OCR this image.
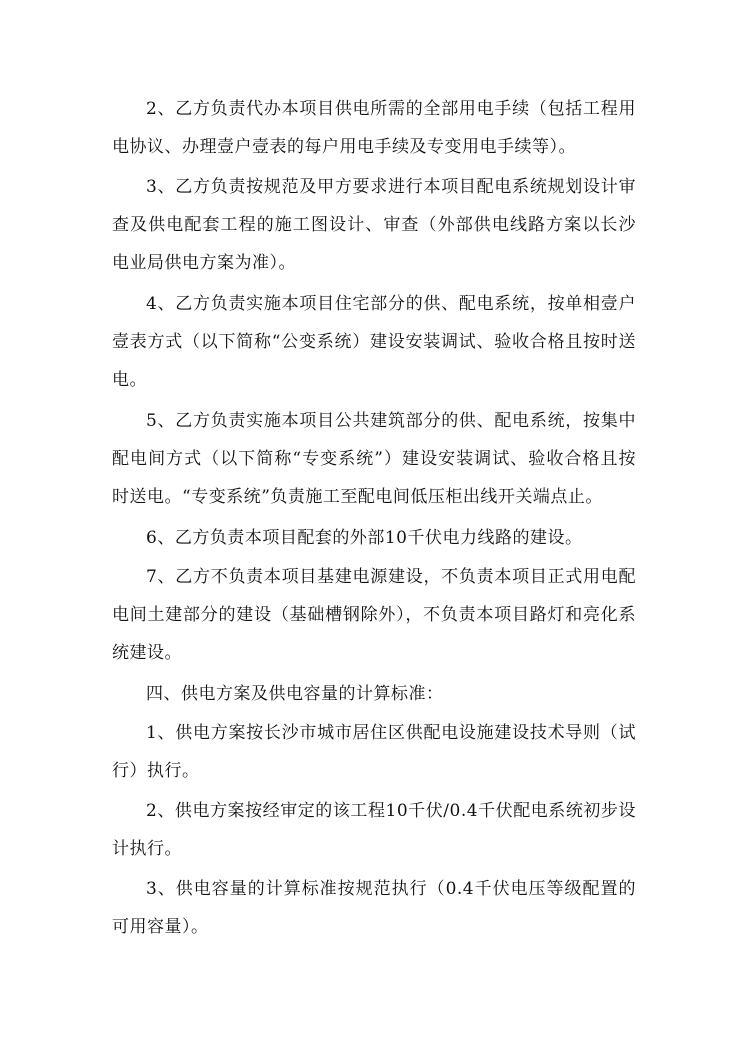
2、乙方负责代办本项目供电所需的全部用电手续（包括工程用电协议、办理壹户壹表的每户用电手续及专变用电手续等）。

3、乙方负责按规范及甲方要求进行本项目配电系统规划设计审查及供电配套工程的施工图设计、审查（外部供电线路方案以长沙电业局供电方案为准）。

4、乙方负责实施本项目住宅部分的供、配电系统，按单相壹户壹表方式（以下简称“公变系统）建设安装调试、验收合格且按时送电。

5、乙方负责实施本项目公共建筑部分的供、配电系统，按集中配电间方式（以下简称“专变系统”）建设安装调试、验收合格且按时送电。“专变系统”负责施工至配电间低压柜出线开关端点止。

6、乙方负责本项目配套的外部10千伏电力线路的建设。

7、乙方不负责本项目基建电源建设，不负责本项目正式用电配电间土建部分的建设（基础槽钢除外），不负责本项目路灯和亮化系统建设。

四、供电方案及供电容量的计算标准：

1、供电方案按长沙市城市居住区供配电设施建设技术导则（试行）执行。

2、供电方案按经审定的该工程10千伏/0.4千伏配电系统初步设计执行。

3、供电容量的计算标准按规范执行（0.4千伏电压等级配置的可用容量）。
